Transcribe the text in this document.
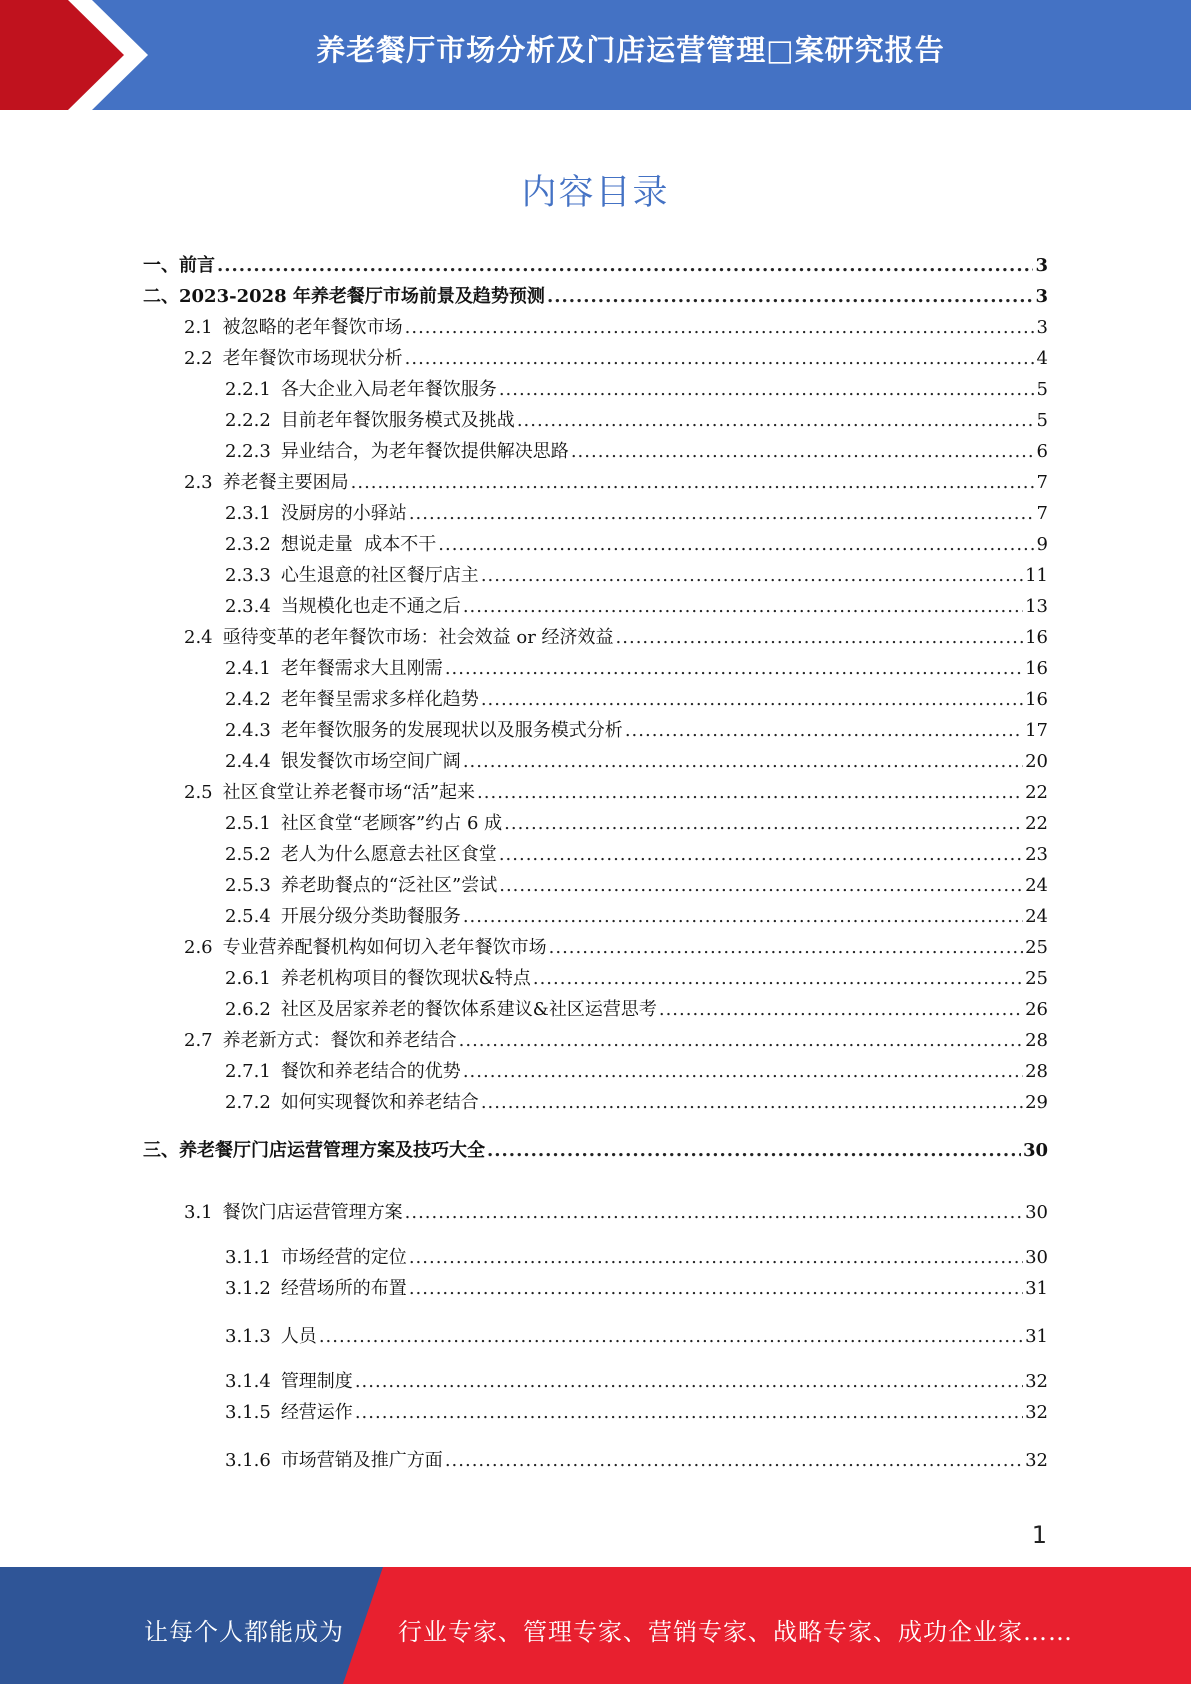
养老餐厅市场分析及门店运营管理□案研究报告
内容目录
一、前言 .....	3
二、2023-2028 年养老餐厅市场前景及趋势预测 .....	3
2.1 被忽略的老年餐饮市场 .....	3
2.2 老年餐饮市场现状分析 .....	4
2.2.1 各大企业入局老年餐饮服务 .....	5
2.2.2 目前老年餐饮服务模式及挑战 .....	5
2.2.3 异业结合，为老年餐饮提供解决思路 .....	6
2.3 养老餐主要困局 .....	7
2.3.1 没厨房的小驿站 .....	7
2.3.2 想说走量  成本不干 .....	9
2.3.3 心生退意的社区餐厅店主 .....	11
2.3.4 当规模化也走不通之后 .....	13
2.4 亟待变革的老年餐饮市场：社会效益 or 经济效益 .....	16
2.4.1 老年餐需求大且刚需 .....	16
2.4.2 老年餐呈需求多样化趋势 .....	16
2.4.3 老年餐饮服务的发展现状以及服务模式分析 .....	17
2.4.4 银发餐饮市场空间广阔 .....	20
2.5 社区食堂让养老餐市场“活”起来 .....	22
2.5.1 社区食堂“老顾客”约占 6 成 .....	22
2.5.2 老人为什么愿意去社区食堂 .....	23
2.5.3 养老助餐点的“泛社区”尝试 .....	24
2.5.4 开展分级分类助餐服务 .....	24
2.6 专业营养配餐机构如何切入老年餐饮市场 .....	25
2.6.1 养老机构项目的餐饮现状&特点 .....	25
2.6.2 社区及居家养老的餐饮体系建议&社区运营思考 .....	26
2.7 养老新方式：餐饮和养老结合 .....	28
2.7.1 餐饮和养老结合的优势 .....	28
2.7.2 如何实现餐饮和养老结合 .....	29
三、养老餐厅门店运营管理方案及技巧大全 .....	30
3.1 餐饮门店运营管理方案 .....	30
3.1.1 市场经营的定位 .....	30
3.1.2 经营场所的布置 .....	31
3.1.3 人员 .....	31
3.1.4 管理制度 .....	32
3.1.5 经营运作 .....	32
3.1.6 市场营销及推广方面 .....	32
1
让每个人都能成为 行业专家、管理专家、营销专家、战略专家、成功企业家……
